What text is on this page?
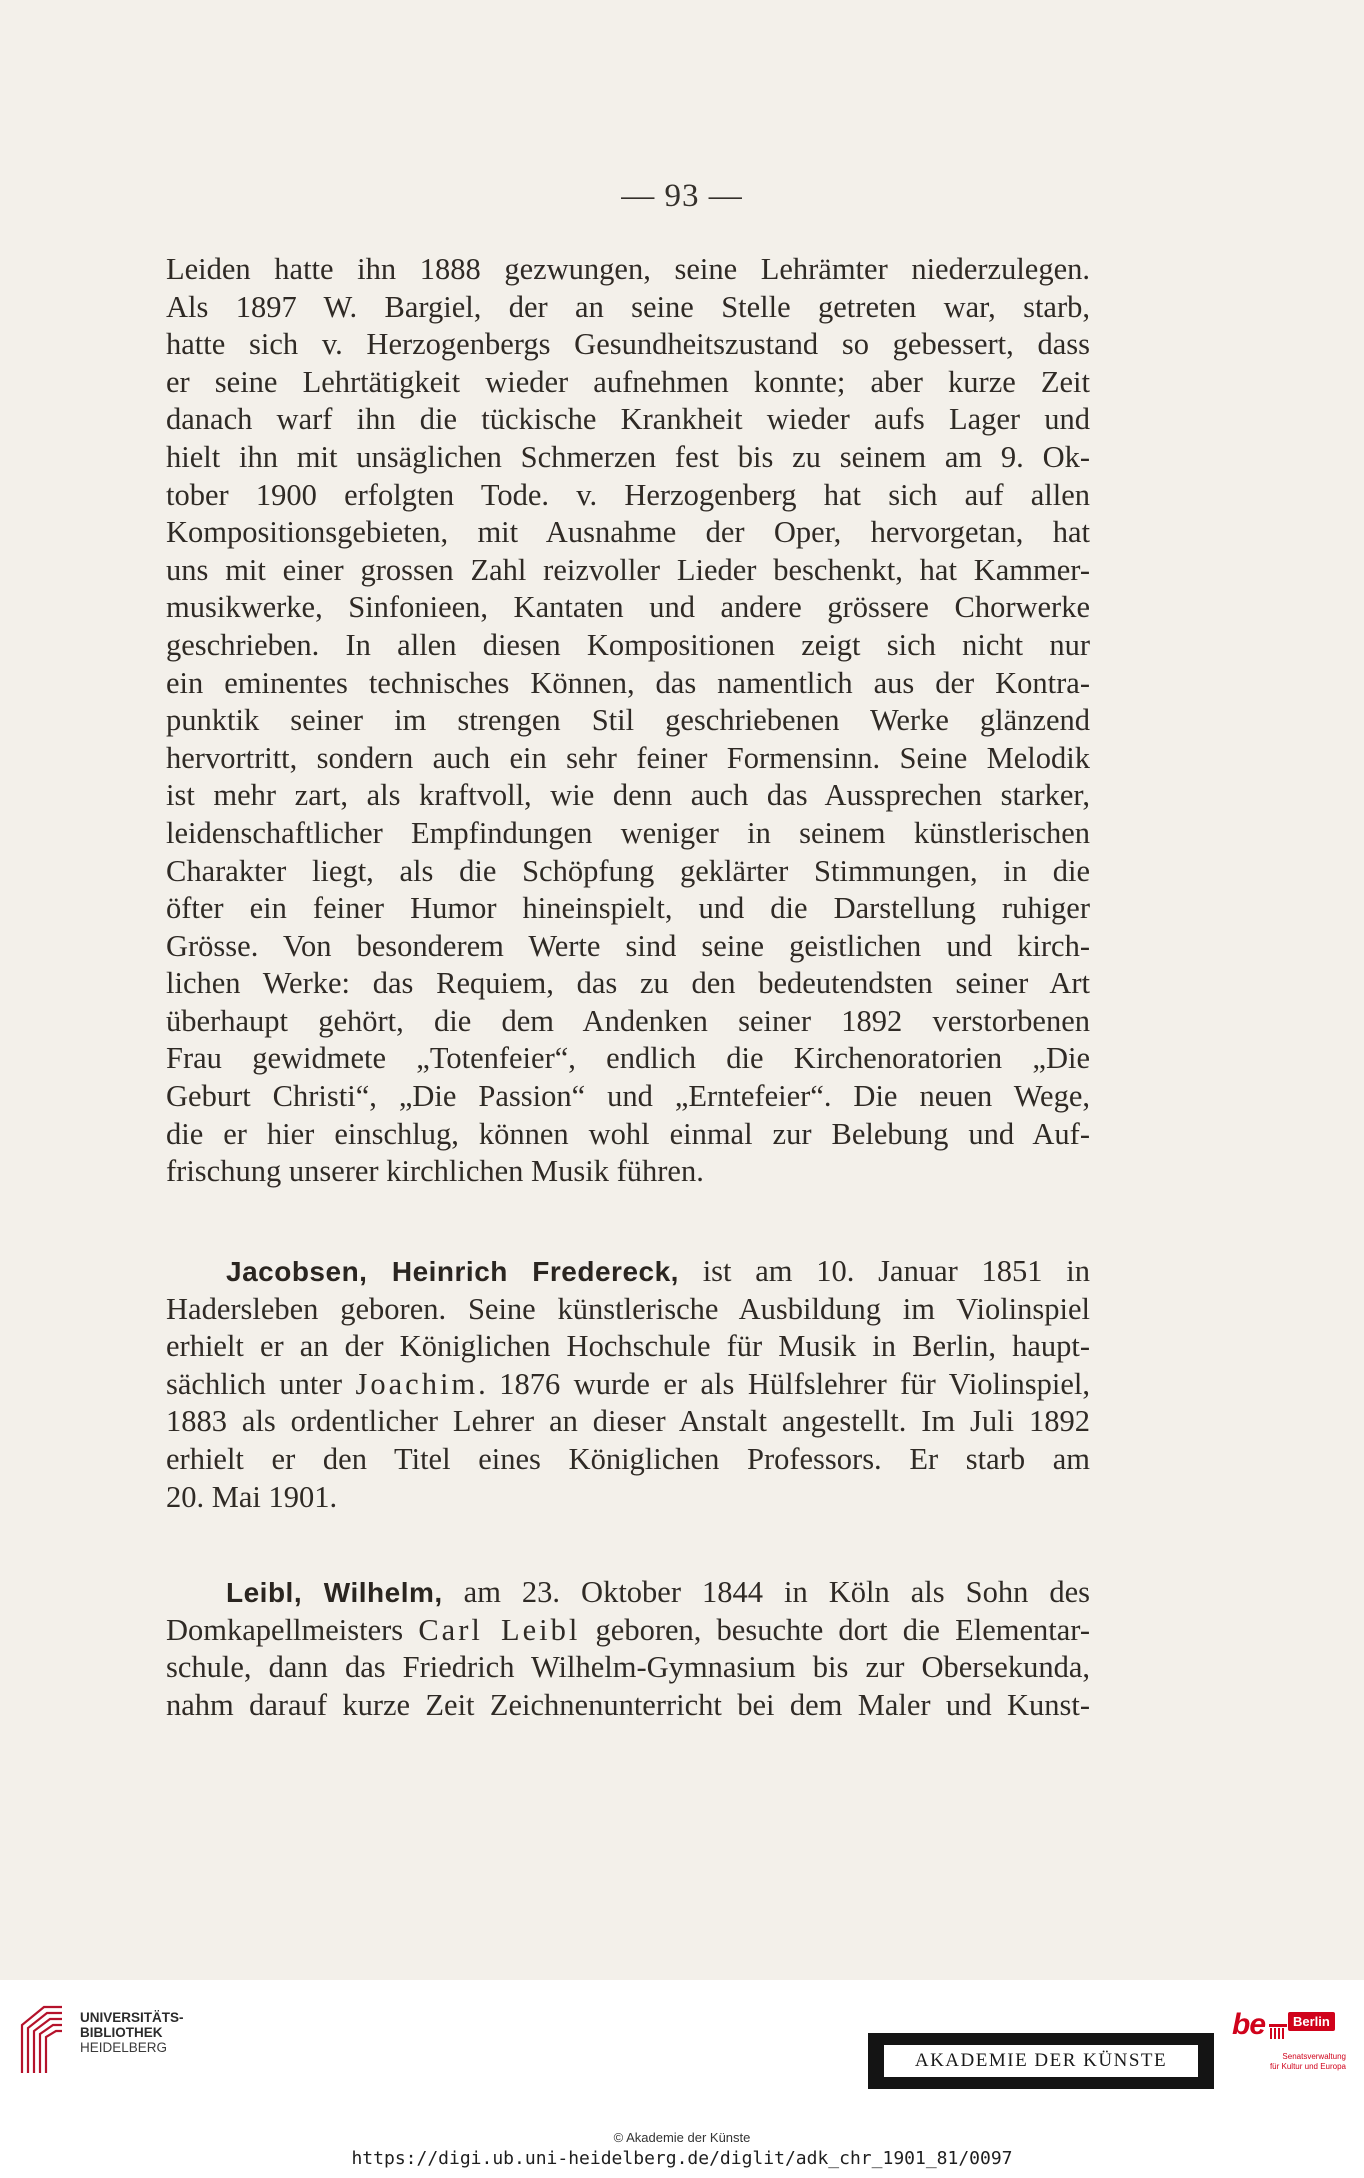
— 93 —

Leiden hatte ihn 1888 gezwungen, seine Lehrämter niederzulegen.
Als 1897 W. Bargiel, der an seine Stelle getreten war, starb,
hatte sich v. Herzogenbergs Gesundheitszustand so gebessert, dass
er seine Lehrtätigkeit wieder aufnehmen konnte; aber kurze Zeit
danach warf ihn die tückische Krankheit wieder aufs Lager und
hielt ihn mit unsäglichen Schmerzen fest bis zu seinem am 9. Ok-
tober 1900 erfolgten Tode. v. Herzogenberg hat sich auf allen
Kompositionsgebieten, mit Ausnahme der Oper, hervorgetan, hat
uns mit einer grossen Zahl reizvoller Lieder beschenkt, hat Kammer-
musikwerke, Sinfonieen, Kantaten und andere grössere Chorwerke
geschrieben. In allen diesen Kompositionen zeigt sich nicht nur
ein eminentes technisches Können, das namentlich aus der Kontra-
punktik seiner im strengen Stil geschriebenen Werke glänzend
hervortritt, sondern auch ein sehr feiner Formensinn. Seine Melodik
ist mehr zart, als kraftvoll, wie denn auch das Aussprechen starker,
leidenschaftlicher Empfindungen weniger in seinem künstlerischen
Charakter liegt, als die Schöpfung geklärter Stimmungen, in die
öfter ein feiner Humor hineinspielt, und die Darstellung ruhiger
Grösse. Von besonderem Werte sind seine geistlichen und kirch-
lichen Werke: das Requiem, das zu den bedeutendsten seiner Art
überhaupt gehört, die dem Andenken seiner 1892 verstorbenen
Frau gewidmete „Totenfeier“, endlich die Kirchenoratorien „Die
Geburt Christi“, „Die Passion“ und „Erntefeier“. Die neuen Wege,
die er hier einschlug, können wohl einmal zur Belebung und Auf-
frischung unserer kirchlichen Musik führen.

Jacobsen, Heinrich Fredereck, ist am 10. Januar 1851 in
Hadersleben geboren. Seine künstlerische Ausbildung im Violinspiel
erhielt er an der Königlichen Hochschule für Musik in Berlin, haupt-
sächlich unter Joachim. 1876 wurde er als Hülfslehrer für Violinspiel,
1883 als ordentlicher Lehrer an dieser Anstalt angestellt. Im Juli 1892
erhielt er den Titel eines Königlichen Professors. Er starb am
20. Mai 1901.

Leibl, Wilhelm, am 23. Oktober 1844 in Köln als Sohn des
Domkapellmeisters Carl Leibl geboren, besuchte dort die Elementar-
schule, dann das Friedrich Wilhelm-Gymnasium bis zur Obersekunda,
nahm darauf kurze Zeit Zeichnenunterricht bei dem Maler und Kunst-

UNIVERSITÄTS-
BIBLIOTHEK
HEIDELBERG
AKADEMIE DER KÜNSTE
be	Berlin
Senatsverwaltung
für Kultur und Europa
© Akademie der Künste
https://digi.ub.uni-heidelberg.de/diglit/adk_chr_1901_81/0097
